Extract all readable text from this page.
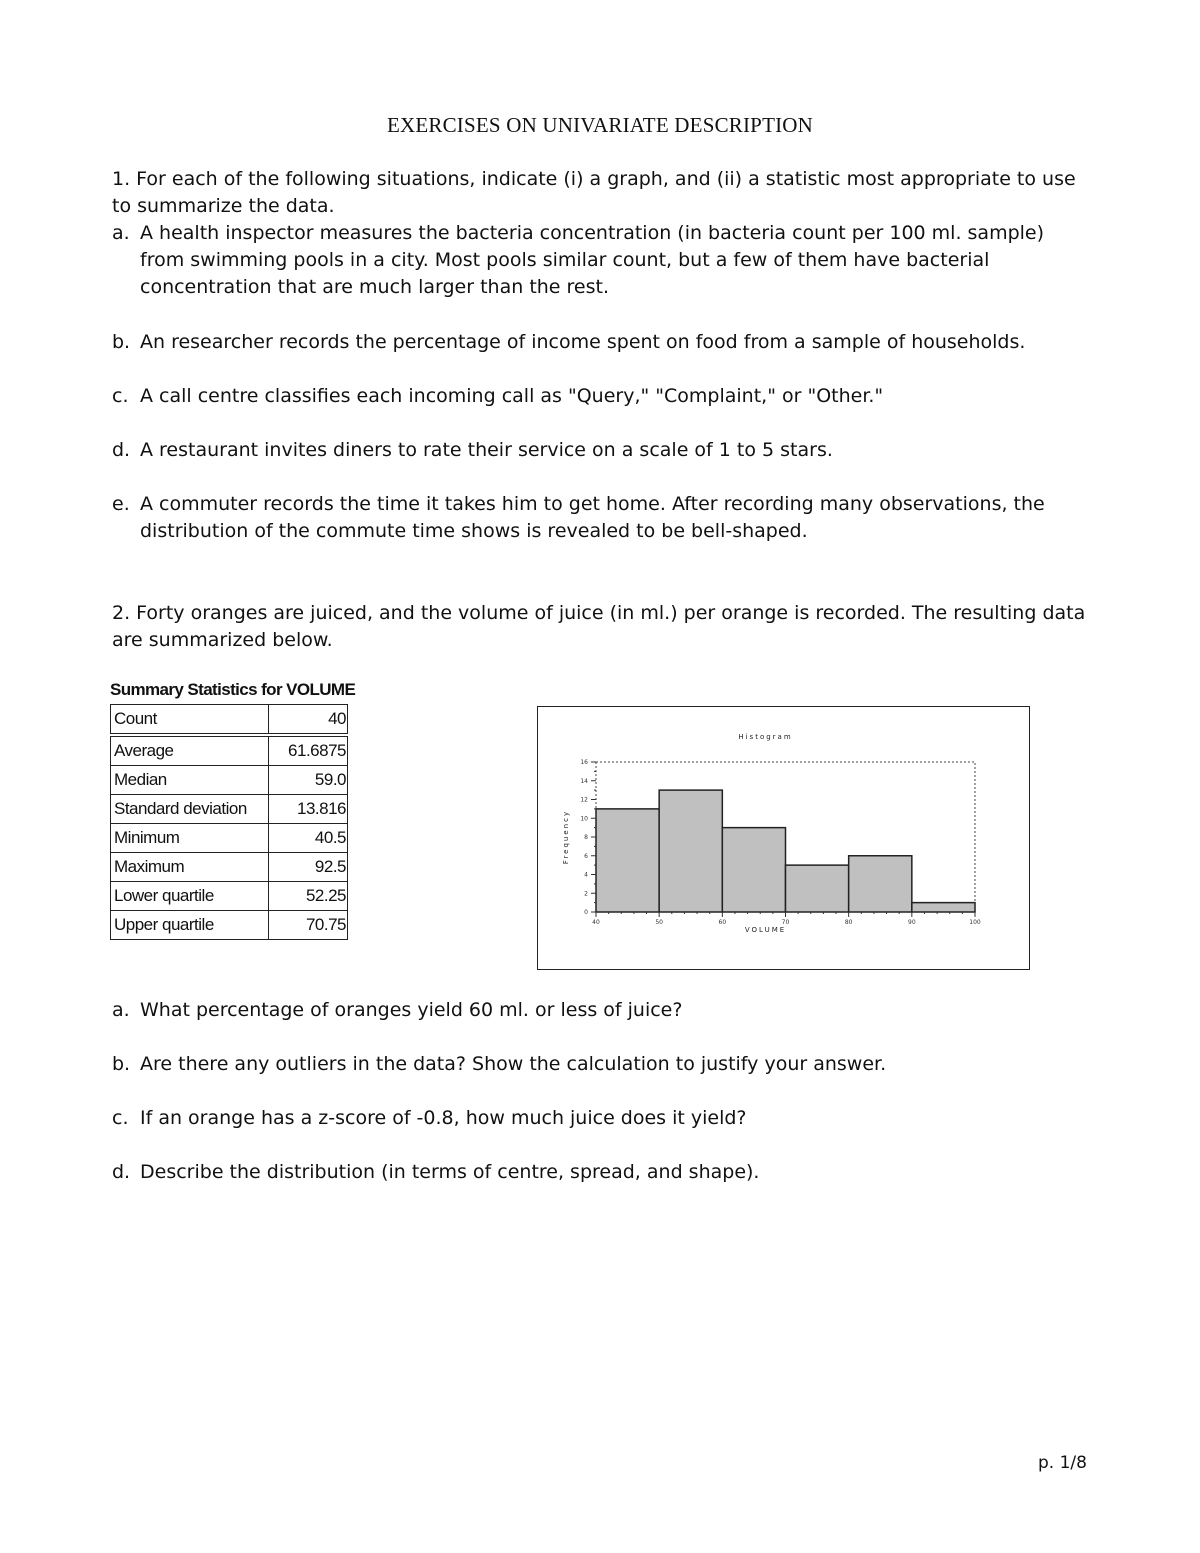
EXERCISES ON UNIVARIATE DESCRIPTION
1. For each of the following situations, indicate (i) a graph, and (ii) a statistic most appropriate to use to summarize the data.
a. A health inspector measures the bacteria concentration (in bacteria count per 100 ml. sample) from swimming pools in a city. Most pools similar count, but a few of them have bacterial concentration that are much larger than the rest.
b. An researcher records the percentage of income spent on food from a sample of households.
c. A call centre classifies each incoming call as "Query," "Complaint," or "Other."
d. A restaurant invites diners to rate their service on a scale of 1 to 5 stars.
e. A commuter records the time it takes him to get home. After recording many observations, the distribution of the commute time shows is revealed to be bell-shaped.
2. Forty oranges are juiced, and the volume of juice (in ml.) per orange is recorded. The resulting data are summarized below.
Summary Statistics for VOLUME
Count	40
Average	61.6875
Median	59.0
Standard deviation	13.816
Minimum	40.5
Maximum	92.5
Lower quartile	52.25
Upper quartile	70.75
Histogram
VOLUME
Frequency
40	50	60	70	80	90	100
0
2
4
6
8
10
12
14
16
a. What percentage of oranges yield 60 ml. or less of juice?
b. Are there any outliers in the data? Show the calculation to justify your answer.
c. If an orange has a z-score of -0.8, how much juice does it yield?
d. Describe the distribution (in terms of centre, spread, and shape).
p. 1/8
